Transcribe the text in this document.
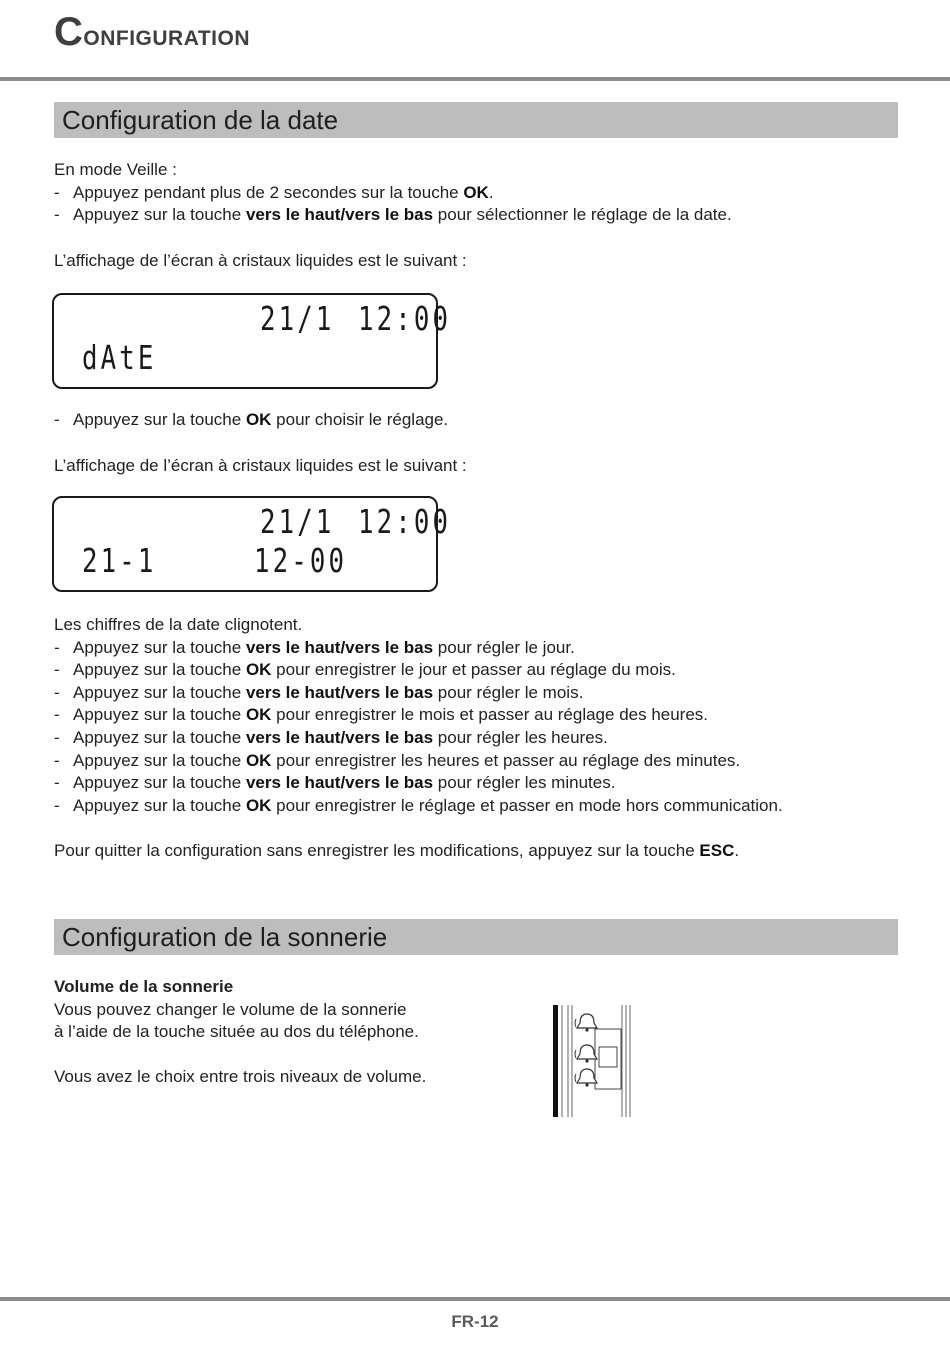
Configuration
Configuration de la date
En mode Veille :
- Appuyez pendant plus de 2 secondes sur la touche OK.
- Appuyez sur la touche vers le haut/vers le bas pour sélectionner le réglage de la date.
L’affichage de l’écran à cristaux liquides est le suivant :
21/1 12:00
dAtE
- Appuyez sur la touche OK pour choisir le réglage.
L’affichage de l’écran à cristaux liquides est le suivant :
21/1 12:00
21-1	12-00
Les chiffres de la date clignotent.
- Appuyez sur la touche vers le haut/vers le bas pour régler le jour.
- Appuyez sur la touche OK pour enregistrer le jour et passer au réglage du mois.
- Appuyez sur la touche vers le haut/vers le bas pour régler le mois.
- Appuyez sur la touche OK pour enregistrer le mois et passer au réglage des heures.
- Appuyez sur la touche vers le haut/vers le bas pour régler les heures.
- Appuyez sur la touche OK pour enregistrer les heures et passer au réglage des minutes.
- Appuyez sur la touche vers le haut/vers le bas pour régler les minutes.
- Appuyez sur la touche OK pour enregistrer le réglage et passer en mode hors communication.
Pour quitter la configuration sans enregistrer les modifications, appuyez sur la touche ESC.
Configuration de la sonnerie
Volume de la sonnerie
Vous pouvez changer le volume de la sonnerie
à l’aide de la touche située au dos du téléphone.
Vous avez le choix entre trois niveaux de volume.
FR-12
